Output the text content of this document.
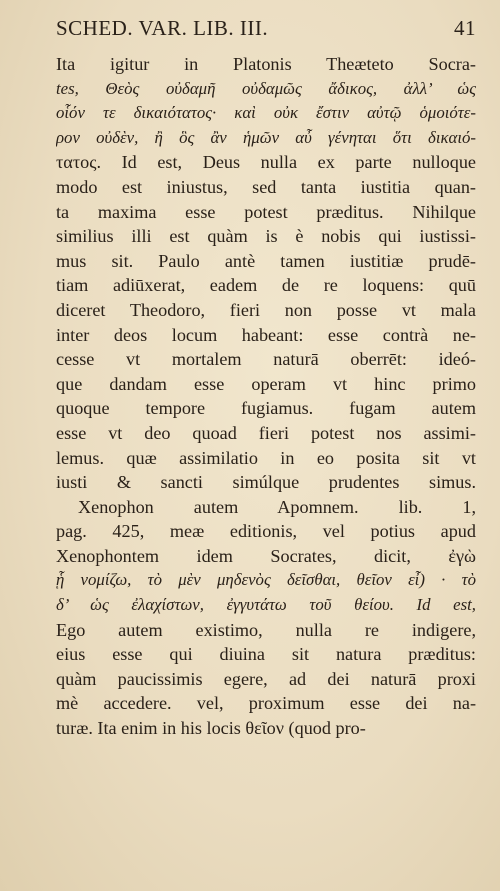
SCHED. VAR. LIB. III.	41
Ita igitur in Platonis Theæteto Socra-
tes, Θεὸς οὐδαμῆ οὐδαμῶς ἄδικος, ἀλλ’ ὡς
οἷόν τε δικαιότατος· καὶ οὐκ ἔστιν αὐτῷ ὁμοιότε-
ρον οὐδὲν, ἢ ὃς ἂν ἡμῶν αὖ γένηται ὅτι δικαιό-
τατος. Id est, Deus nulla ex parte nulloque
modo est iniustus, sed tanta iustitia quan-
ta maxima esse potest præditus. Nihilque
similius illi est quàm is è nobis qui iustissi-
mus sit. Paulo antè tamen iustitiæ prudē-
tiam adiūxerat, eadem de re loquens: quū
diceret Theodoro, fieri non posse vt mala
inter deos locum habeant: esse contrà ne-
cesse vt mortalem naturā oberrēt: ideó-
que dandam esse operam vt hinc primo
quoque tempore fugiamus. fugam autem
esse vt deo quoad fieri potest nos assimi-
lemus. quæ assimilatio in eo posita sit vt
iusti & sancti simúlque prudentes simus.
Xenophon autem Apomnem. lib. 1,
pag. 425, meæ editionis, vel potius apud
Xenophontem idem Socrates, dicit, ἐγὼ
ᾗ νομίζω, τὸ μὲν μηδενὸς δεῖσθαι, θεῖον εἶ) · τὸ
δ’ ὡς ἐλαχίστων, ἐγγυτάτω τοῦ θείου. Id est,
Ego autem existimo, nulla re indigere,
eius esse qui diuina sit natura præditus:
quàm paucissimis egere, ad dei naturā proxi
mè accedere. vel, proximum esse dei na-
turæ. Ita enim in his locis θεῖον (quod pro-
